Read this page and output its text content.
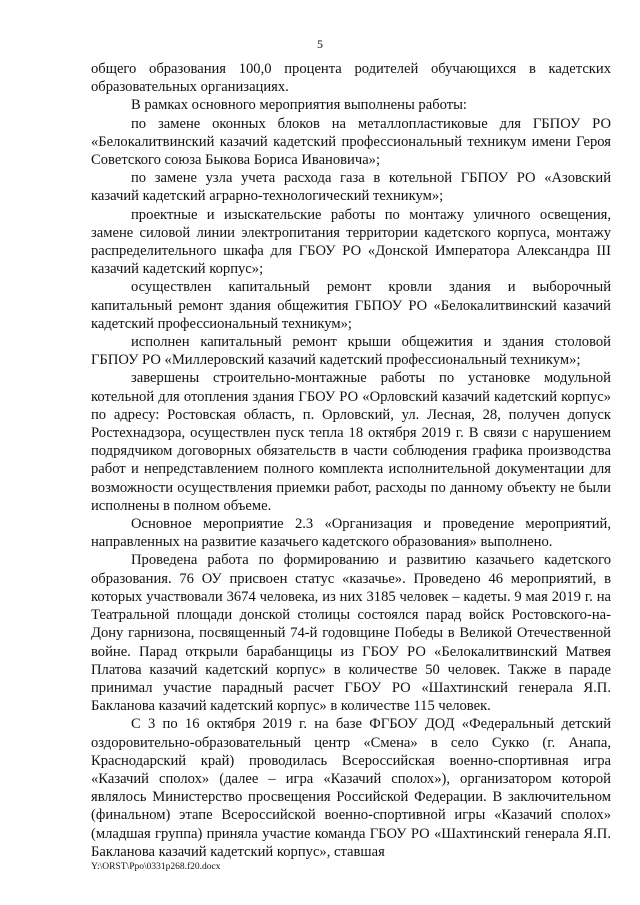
5

общего образования 100,0 процента родителей обучающихся в кадетских образовательных организациях.

В рамках основного мероприятия выполнены работы:

по замене оконных блоков на металлопластиковые для ГБПОУ РО «Белокалитвинский казачий кадетский профессиональный техникум имени Героя Советского союза Быкова Бориса Ивановича»;

по замене узла учета расхода газа в котельной ГБПОУ РО «Азовский казачий кадетский аграрно-технологический техникум»;

проектные и изыскательские работы по монтажу уличного освещения, замене силовой линии электропитания территории кадетского корпуса, монтажу распределительного шкафа для ГБОУ РО «Донской Императора Александра III казачий кадетский корпус»;

осуществлен капитальный ремонт кровли здания и выборочный капитальный ремонт здания общежития ГБПОУ РО «Белокалитвинский казачий кадетский профессиональный техникум»;

исполнен капитальный ремонт крыши общежития и здания столовой ГБПОУ РО «Миллеровский казачий кадетский профессиональный техникум»;

завершены строительно-монтажные работы по установке модульной котельной для отопления здания ГБОУ РО «Орловский казачий кадетский корпус» по адресу: Ростовская область, п. Орловский, ул. Лесная, 28, получен допуск Ростехнадзора, осуществлен пуск тепла 18 октября 2019 г. В связи с нарушением подрядчиком договорных обязательств в части соблюдения графика производства работ и непредставлением полного комплекта исполнительной документации для возможности осуществления приемки работ, расходы по данному объекту не были исполнены в полном объеме.

Основное мероприятие 2.3 «Организация и проведение мероприятий, направленных на развитие казачьего кадетского образования» выполнено.

Проведена работа по формированию и развитию казачьего кадетского образования. 76 ОУ присвоен статус «казачье». Проведено 46 мероприятий, в которых участвовали 3674 человека, из них 3185 человек – кадеты. 9 мая 2019 г. на Театральной площади донской столицы состоялся парад войск Ростовского-на-Дону гарнизона, посвященный 74-й годовщине Победы в Великой Отечественной войне. Парад открыли барабанщицы из ГБОУ РО «Белокалитвинский Матвея Платова казачий кадетский корпус» в количестве 50 человек. Также в параде принимал участие парадный расчет ГБОУ РО «Шахтинский генерала Я.П. Бакланова казачий кадетский корпус» в количестве 115 человек.

С 3 по 16 октября 2019 г. на базе ФГБОУ ДОД «Федеральный детский оздоровительно-образовательный центр «Смена» в село Сукко (г. Анапа, Краснодарский край) проводилась Всероссийская военно-спортивная игра «Казачий сполох» (далее – игра «Казачий сполох»), организатором которой являлось Министерство просвещения Российской Федерации. В заключительном (финальном) этапе Всероссийской военно-спортивной игры «Казачий сполох» (младшая группа) приняла участие команда ГБОУ РО «Шахтинский генерала Я.П. Бакланова казачий кадетский корпус», ставшая

Y:\ORST\Ppo\0331p268.f20.docx
